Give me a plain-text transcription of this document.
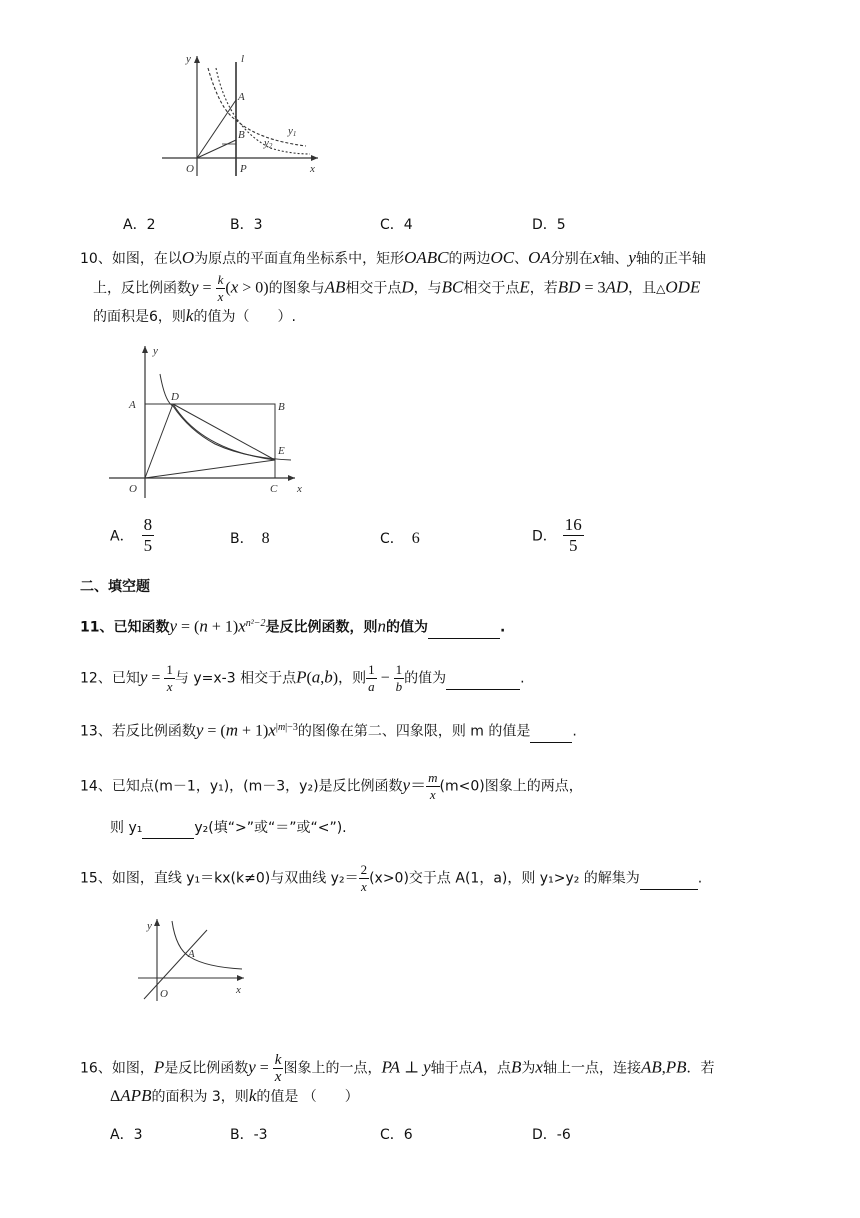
y	l
A
B	y1
y2
O	P	x
A．2	B．3	C．4	D．5
10、如图，在以O为原点的平面直角坐标系中，矩形OABC的两边OC、OA分别在x轴、y轴的正半轴
上，反比例函数$y = \frac{k}{x} (x > 0)$的图象与AB相交于点D，与BC相交于点E，若BD = 3AD，且△ODE
的面积是6，则k的值为（　　）.
y
A
D
B
E
O	C x
A． $\frac{8}{5}$	B． 8	C． 6	D． $\frac{16}{5}$
二、填空题
11、已知函数$y = (n + 1)x^{n^2-2}$是反比例函数，则n的值为	.
12、已知$y = \frac{1}{x}$ 与 y=x-3 相交于点P(a,b)，则 $\frac{1}{a} - \frac{1}{b}$ 的值为	.
13、若反比例函数$y = (m + 1)x^{|m|-3}$的图像在第二、四象限，则 m 的值是	.
14、已知点(m－1，y₁)，(m－3，y₂)是反比例函数$y= \frac{m}{x} (m<0)$图象上的两点，
则 y₁	y₂(填“>”或“＝”或“<”).
15、如图，直线 y₁＝kx(k≠0)与双曲线 $y_2= \frac{2}{x} (x>0)$交于点 A(1，a)，则 y₁>y₂ 的解集为	.
y
A
O	x
16、如图，P是反比例函数$y = \frac{k}{x}$ 图象上的一点，PA ⊥ y轴于点A，点B为x轴上一点，连接AB,PB．若
ΔAPB的面积为 3，则k的值是 （　　）
A．3	B．-3	C．6	D．-6
